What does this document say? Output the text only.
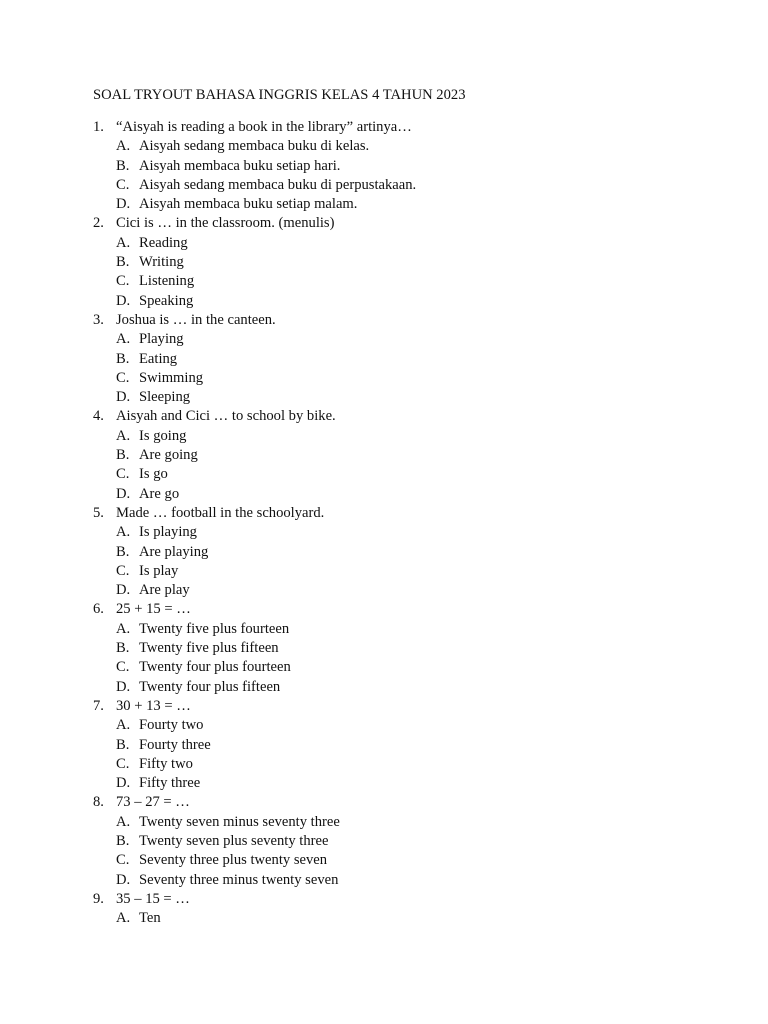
SOAL TRYOUT BAHASA INGGRIS KELAS 4 TAHUN 2023
1. “Aisyah is reading a book in the library” artinya…
A. Aisyah sedang membaca buku di kelas.
B. Aisyah membaca buku setiap hari.
C. Aisyah sedang membaca buku di perpustakaan.
D. Aisyah membaca buku setiap malam.
2. Cici is … in the classroom. (menulis)
A. Reading
B. Writing
C. Listening
D. Speaking
3. Joshua is … in the canteen.
A. Playing
B. Eating
C. Swimming
D. Sleeping
4. Aisyah and Cici … to school by bike.
A. Is going
B. Are going
C. Is go
D. Are go
5. Made … football in the schoolyard.
A. Is playing
B. Are playing
C. Is play
D. Are play
6. 25 + 15 = …
A. Twenty five plus fourteen
B. Twenty five plus fifteen
C. Twenty four plus fourteen
D. Twenty four plus fifteen
7. 30 + 13 = …
A. Fourty two
B. Fourty three
C. Fifty two
D. Fifty three
8. 73 – 27 = …
A. Twenty seven minus seventy three
B. Twenty seven plus seventy three
C. Seventy three plus twenty seven
D. Seventy three minus twenty seven
9. 35 – 15 = …
A. Ten
